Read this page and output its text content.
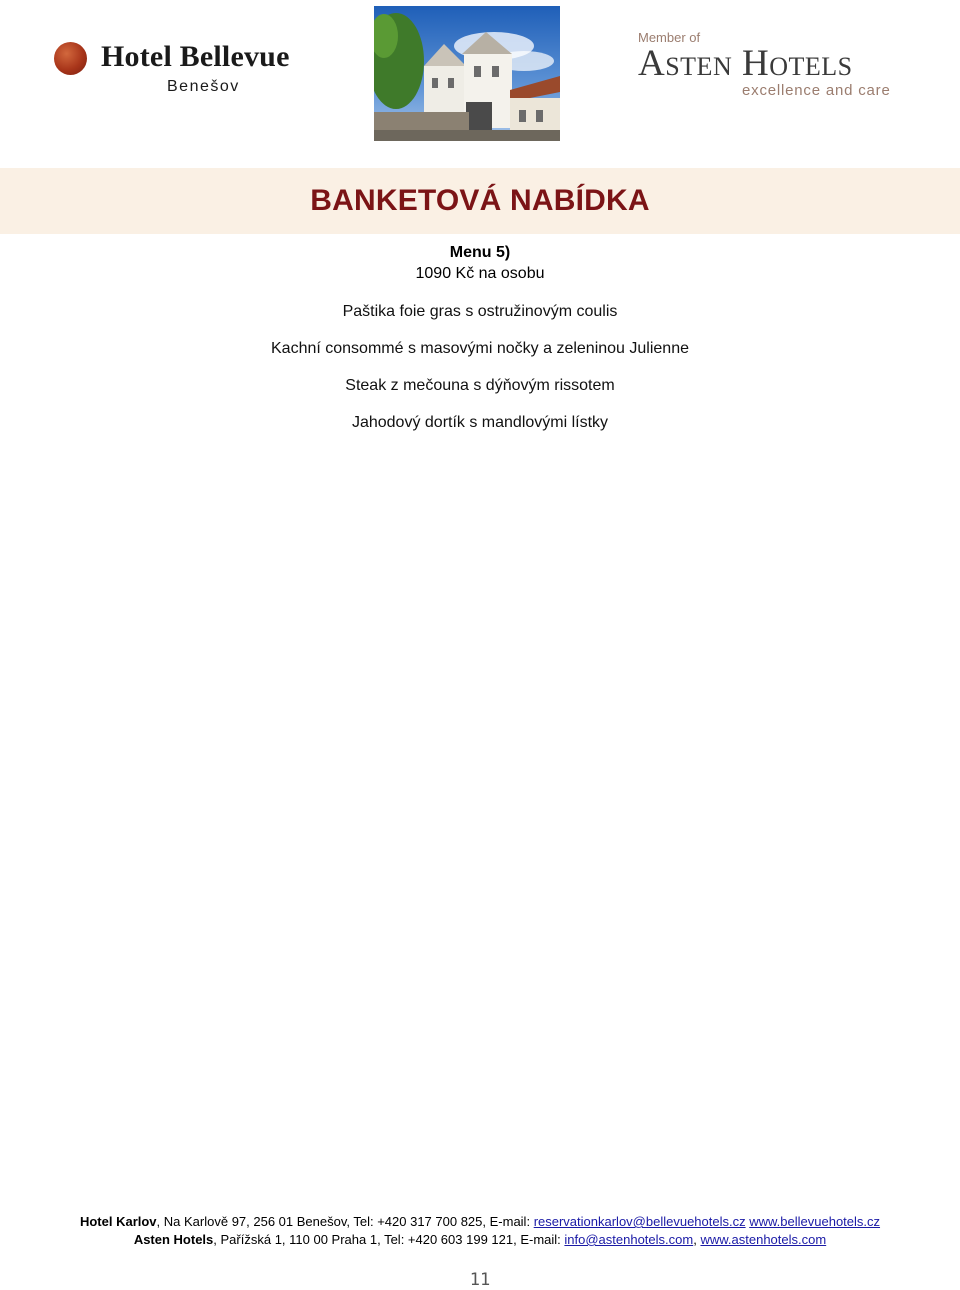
Hotel Bellevue
Benešov
Member of
Asten Hotels
excellence and care
BANKETOVÁ NABÍDKA
Menu 5)
1090 Kč na osobu
Paštika foie gras s ostružinovým coulis
Kachní consommé s masovými nočky a zeleninou Julienne
Steak z mečouna s dýňovým rissotem
Jahodový dortík s mandlovými lístky
Hotel Karlov, Na Karlově 97, 256 01 Benešov, Tel: +420 317 700 825, E-mail: reservationkarlov@bellevuehotels.cz www.bellevuehotels.cz
Asten Hotels, Pařížská 1, 110 00 Praha 1, Tel: +420 603 199 121, E-mail: info@astenhotels.com, www.astenhotels.com
11
